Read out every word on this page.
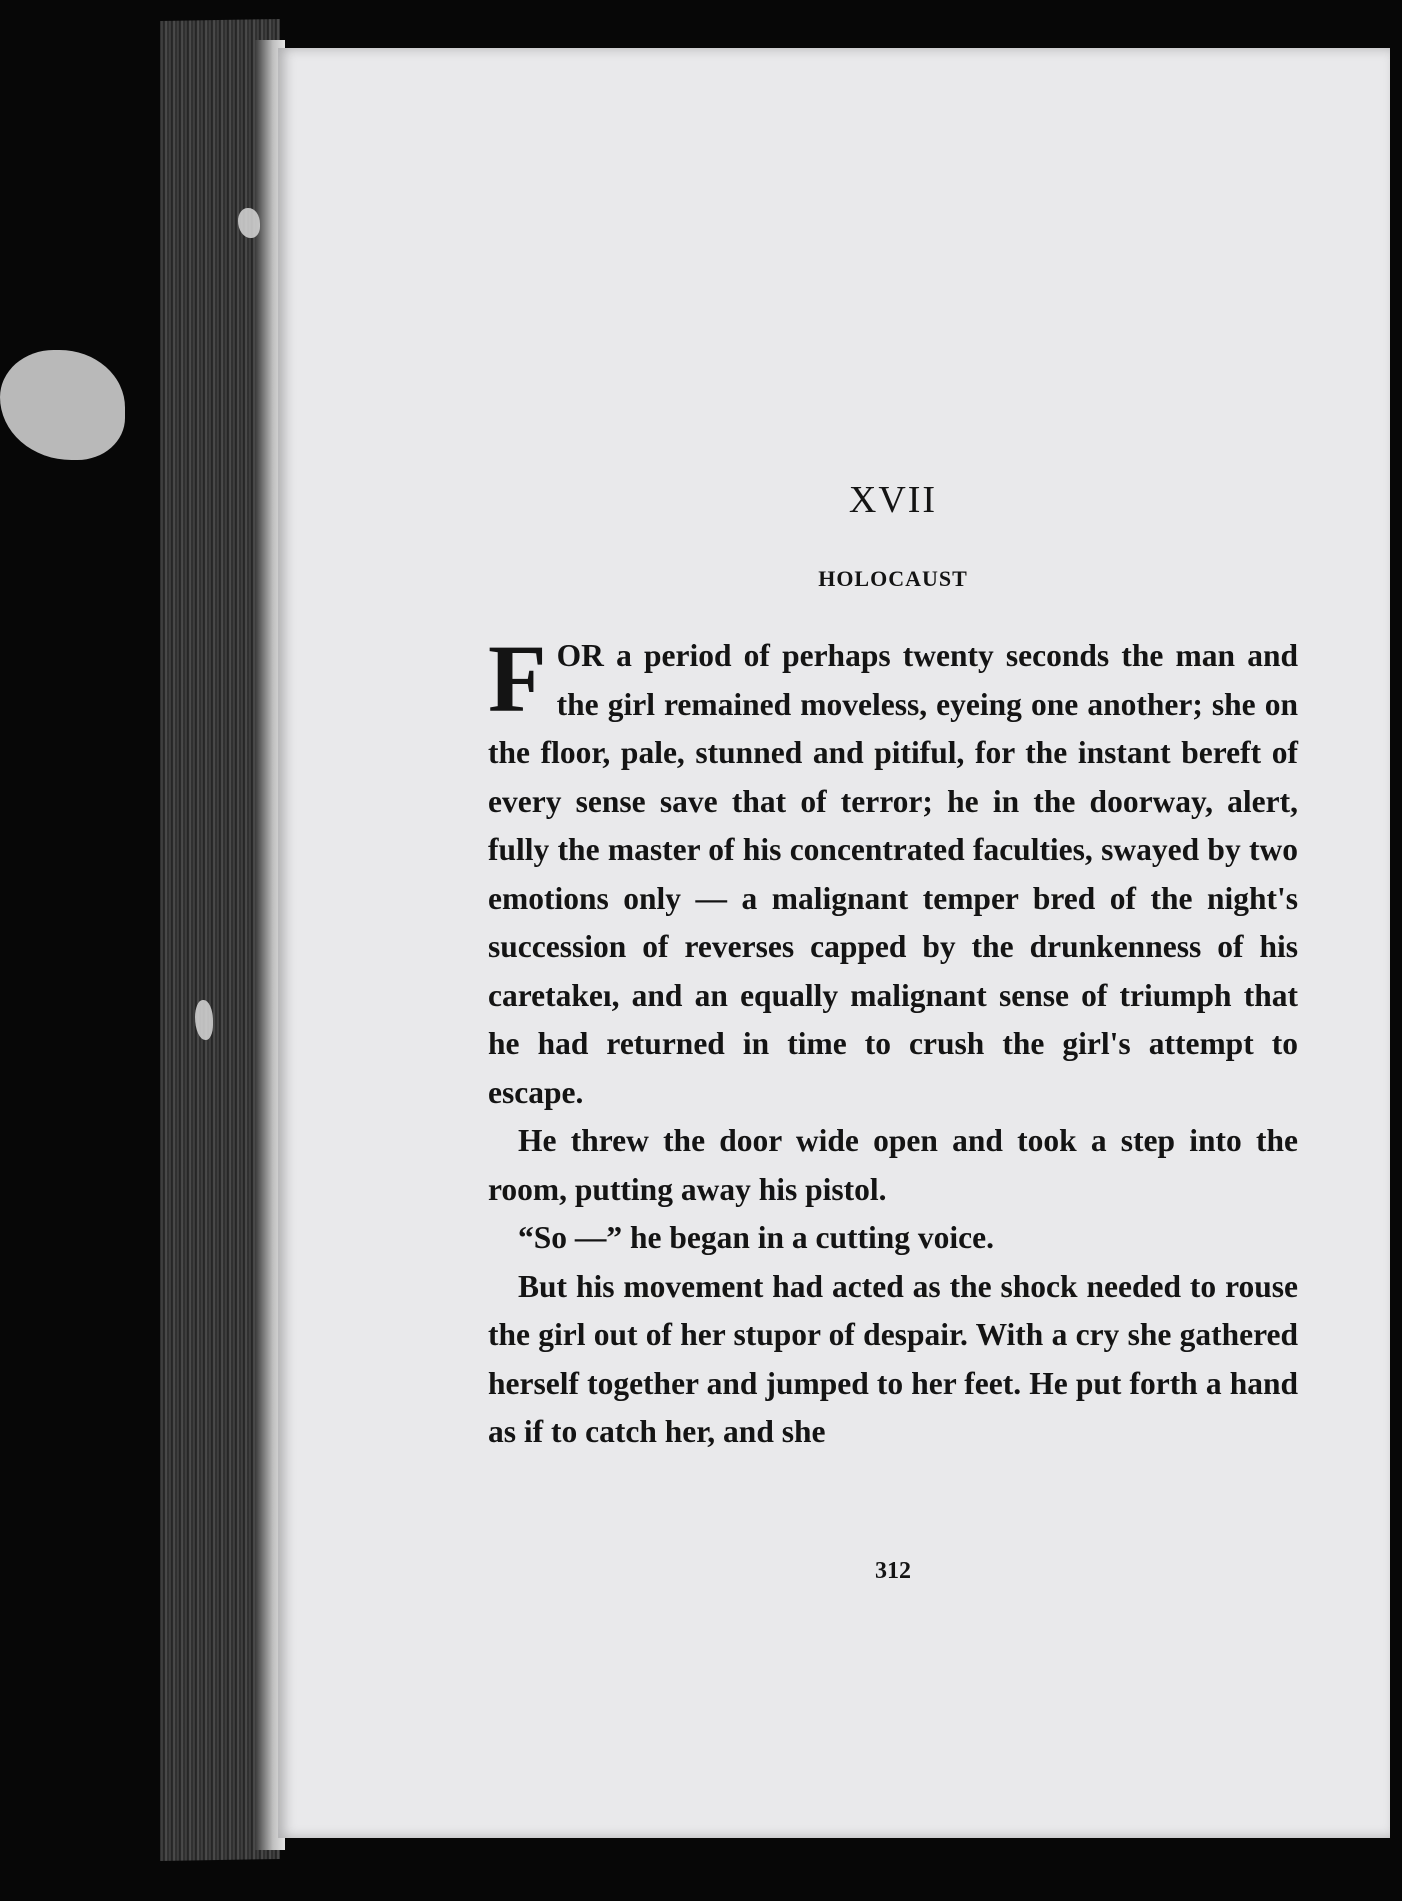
XVII
HOLOCAUST

FOR a period of perhaps twenty seconds the man and the girl remained moveless, eyeing one another; she on the floor, pale, stunned and pitiful, for the instant bereft of every sense save that of terror; he in the doorway, alert, fully the master of his concentrated faculties, swayed by two emotions only — a malignant temper bred of the night's succession of reverses capped by the drunkenness of his caretakeı, and an equally malignant sense of triumph that he had returned in time to crush the girl's attempt to escape.

He threw the door wide open and took a step into the room, putting away his pistol.

“So —” he began in a cutting voice.

But his movement had acted as the shock needed to rouse the girl out of her stupor of despair. With a cry she gathered herself together and jumped to her feet. He put forth a hand as if to catch her, and she

312
